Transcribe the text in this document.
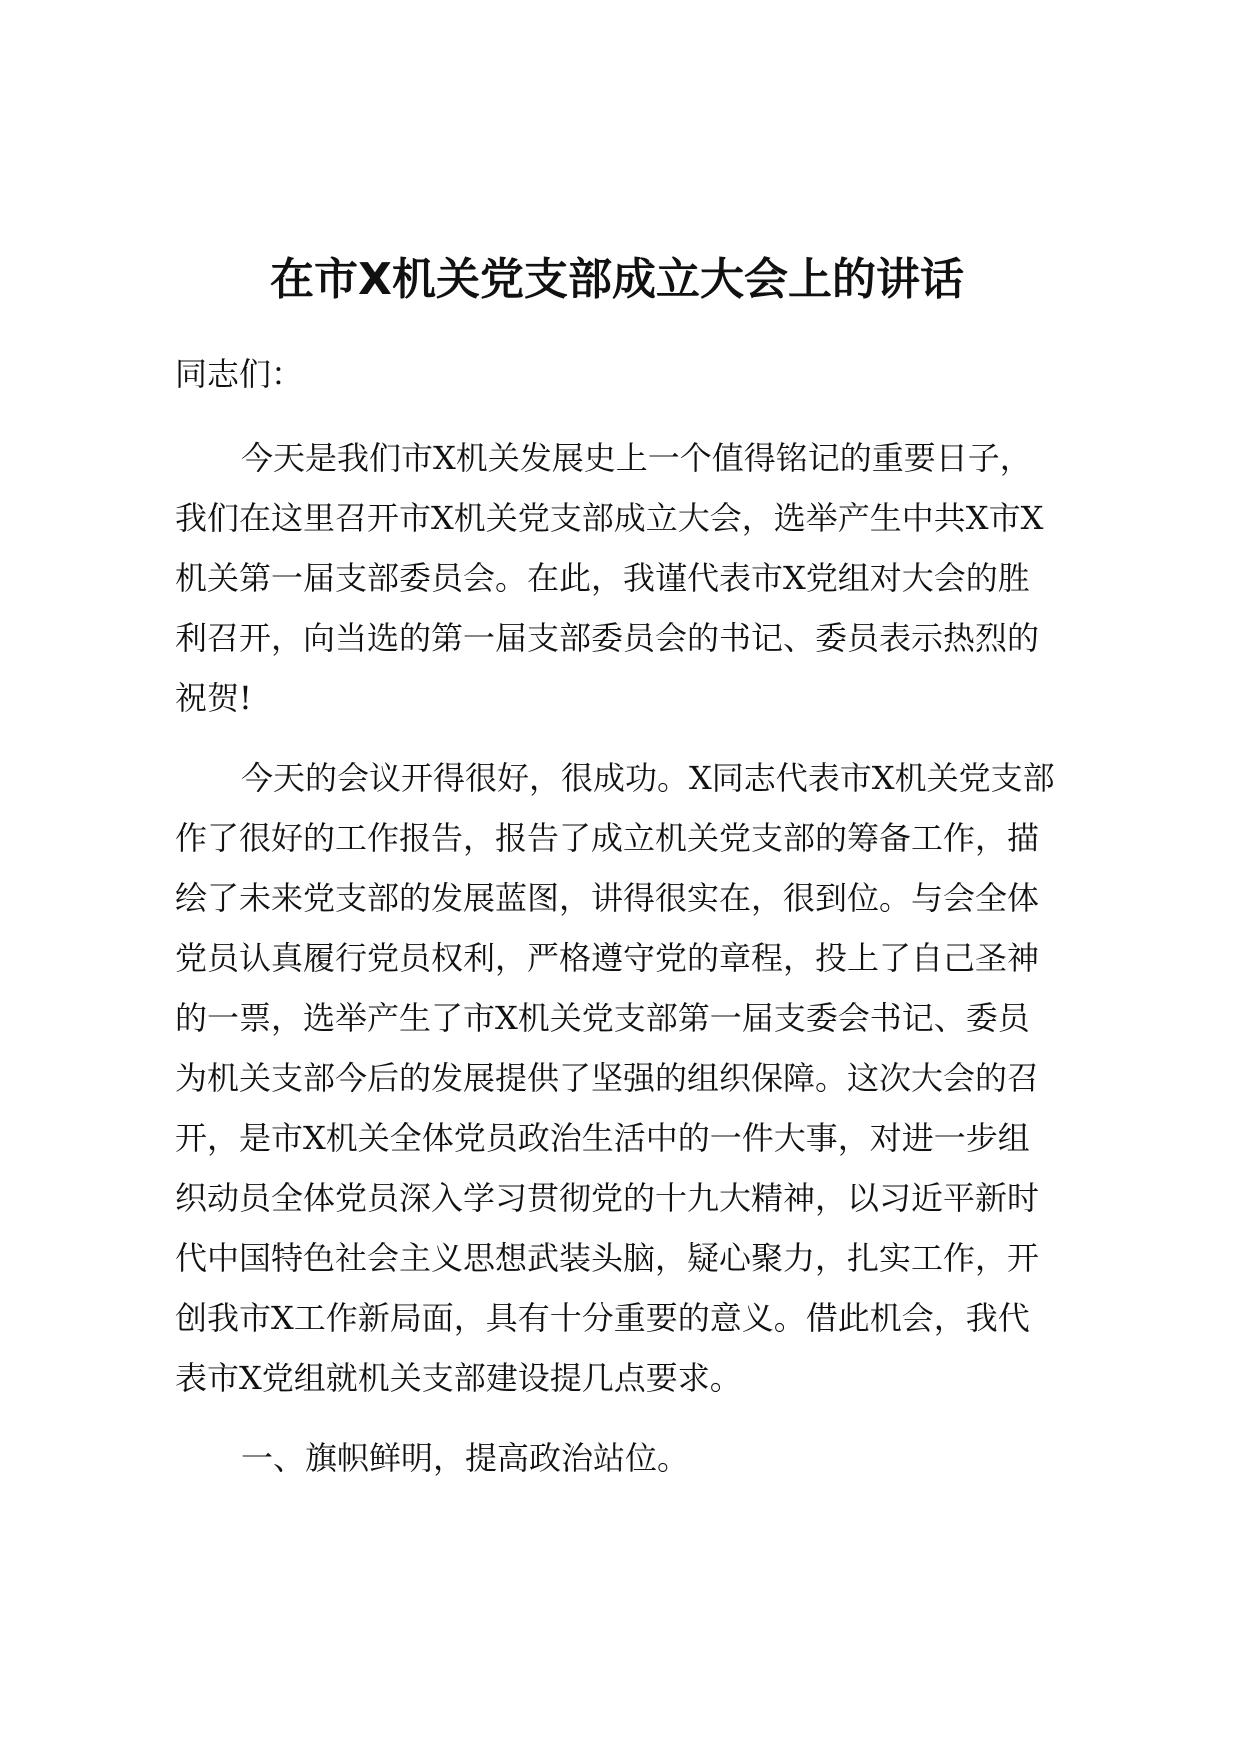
在市X机关党支部成立大会上的讲话

同志们：

今天是我们市X机关发展史上一个值得铭记的重要日子，
我们在这里召开市X机关党支部成立大会，选举产生中共X市X
机关第一届支部委员会。在此，我谨代表市X党组对大会的胜
利召开，向当选的第一届支部委员会的书记、委员表示热烈的
祝贺!

今天的会议开得很好，很成功。X同志代表市X机关党支部
作了很好的工作报告，报告了成立机关党支部的筹备工作，描
绘了未来党支部的发展蓝图，讲得很实在，很到位。与会全体
党员认真履行党员权利，严格遵守党的章程，投上了自己圣神
的一票，选举产生了市X机关党支部第一届支委会书记、委员
为机关支部今后的发展提供了坚强的组织保障。这次大会的召
开，是市X机关全体党员政治生活中的一件大事，对进一步组
织动员全体党员深入学习贯彻党的十九大精神，以习近平新时
代中国特色社会主义思想武装头脑，疑心聚力，扎实工作，开
创我市X工作新局面，具有十分重要的意义。借此机会，我代
表市X党组就机关支部建设提几点要求。

一、旗帜鲜明，提高政治站位。
